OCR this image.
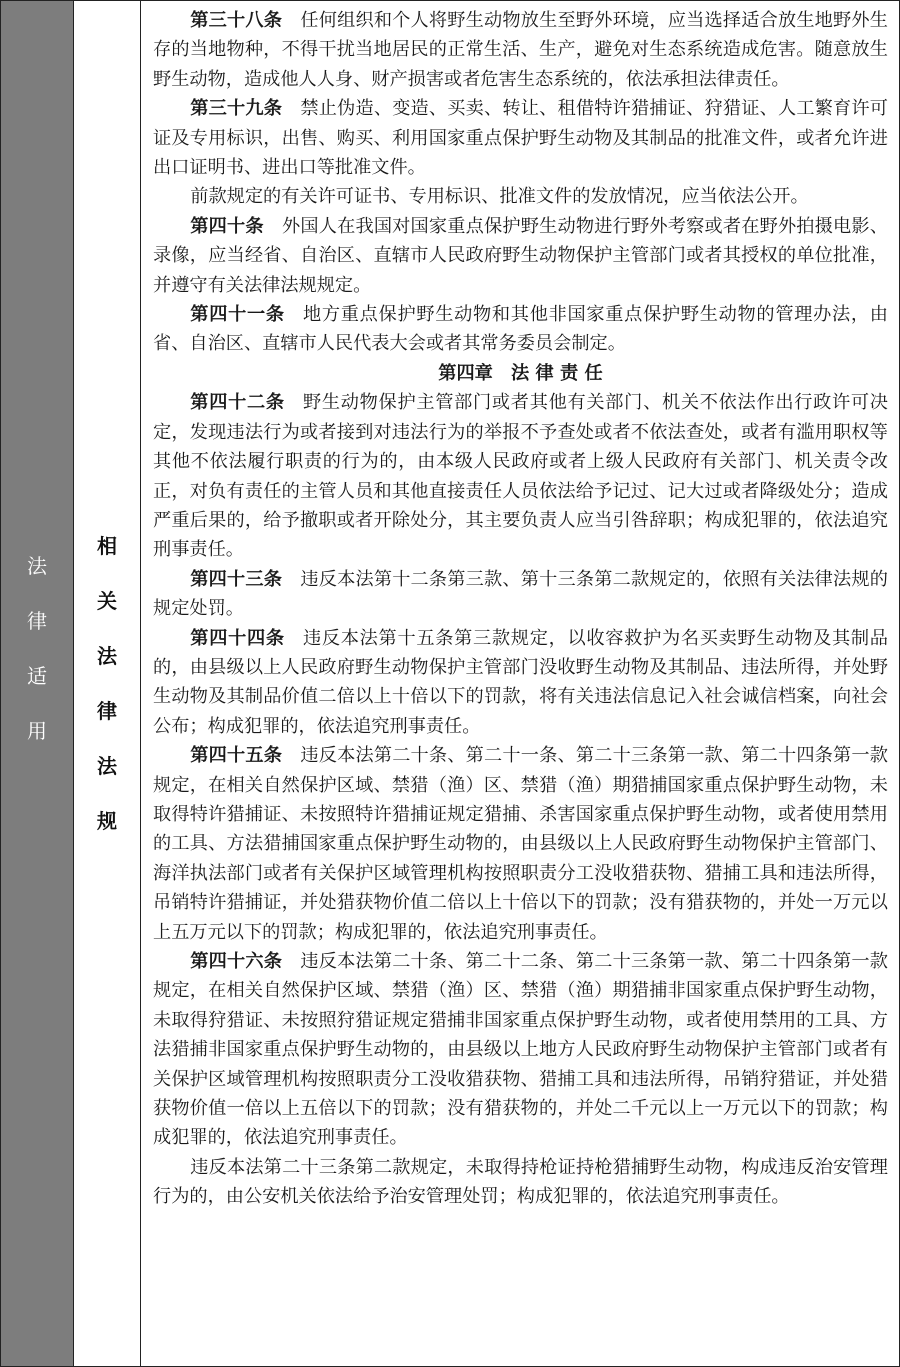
法
律
适
用
相
关
法
律
法
规

第三十八条 任何组织和个人将野生动物放生至野外环境，应当选择适合放生地野外生存的当地物种，不得干扰当地居民的正常生活、生产，避免对生态系统造成危害。随意放生野生动物，造成他人人身、财产损害或者危害生态系统的，依法承担法律责任。

第三十九条 禁止伪造、变造、买卖、转让、租借特许猎捕证、狩猎证、人工繁育许可证及专用标识，出售、购买、利用国家重点保护野生动物及其制品的批准文件，或者允许进出口证明书、进出口等批准文件。

前款规定的有关许可证书、专用标识、批准文件的发放情况，应当依法公开。

第四十条 外国人在我国对国家重点保护野生动物进行野外考察或者在野外拍摄电影、录像，应当经省、自治区、直辖市人民政府野生动物保护主管部门或者其授权的单位批准，并遵守有关法律法规规定。

第四十一条 地方重点保护野生动物和其他非国家重点保护野生动物的管理办法，由省、自治区、直辖市人民代表大会或者其常务委员会制定。

第四章　法 律 责 任

第四十二条 野生动物保护主管部门或者其他有关部门、机关不依法作出行政许可决定，发现违法行为或者接到对违法行为的举报不予查处或者不依法查处，或者有滥用职权等其他不依法履行职责的行为的，由本级人民政府或者上级人民政府有关部门、机关责令改正，对负有责任的主管人员和其他直接责任人员依法给予记过、记大过或者降级处分；造成严重后果的，给予撤职或者开除处分，其主要负责人应当引咎辞职；构成犯罪的，依法追究刑事责任。

第四十三条 违反本法第十二条第三款、第十三条第二款规定的，依照有关法律法规的规定处罚。

第四十四条 违反本法第十五条第三款规定，以收容救护为名买卖野生动物及其制品的，由县级以上人民政府野生动物保护主管部门没收野生动物及其制品、违法所得，并处野生动物及其制品价值二倍以上十倍以下的罚款，将有关违法信息记入社会诚信档案，向社会公布；构成犯罪的，依法追究刑事责任。

第四十五条 违反本法第二十条、第二十一条、第二十三条第一款、第二十四条第一款规定，在相关自然保护区域、禁猎（渔）区、禁猎（渔）期猎捕国家重点保护野生动物，未取得特许猎捕证、未按照特许猎捕证规定猎捕、杀害国家重点保护野生动物，或者使用禁用的工具、方法猎捕国家重点保护野生动物的，由县级以上人民政府野生动物保护主管部门、海洋执法部门或者有关保护区域管理机构按照职责分工没收猎获物、猎捕工具和违法所得，吊销特许猎捕证，并处猎获物价值二倍以上十倍以下的罚款；没有猎获物的，并处一万元以上五万元以下的罚款；构成犯罪的，依法追究刑事责任。

第四十六条 违反本法第二十条、第二十二条、第二十三条第一款、第二十四条第一款规定，在相关自然保护区域、禁猎（渔）区、禁猎（渔）期猎捕非国家重点保护野生动物，未取得狩猎证、未按照狩猎证规定猎捕非国家重点保护野生动物，或者使用禁用的工具、方法猎捕非国家重点保护野生动物的，由县级以上地方人民政府野生动物保护主管部门或者有关保护区域管理机构按照职责分工没收猎获物、猎捕工具和违法所得，吊销狩猎证，并处猎获物价值一倍以上五倍以下的罚款；没有猎获物的，并处二千元以上一万元以下的罚款；构成犯罪的，依法追究刑事责任。

违反本法第二十三条第二款规定，未取得持枪证持枪猎捕野生动物，构成违反治安管理行为的，由公安机关依法给予治安管理处罚；构成犯罪的，依法追究刑事责任。
